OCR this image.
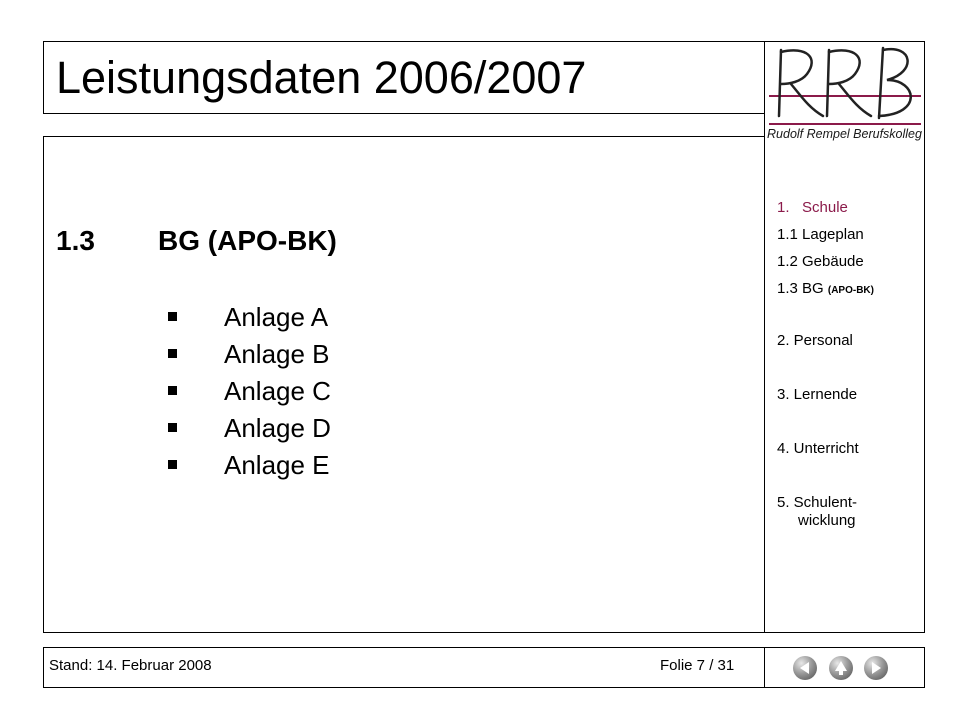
Leistungsdaten 2006/2007
Rudolf Rempel Berufskolleg
1.3 BG (APO-BK)
Anlage A
Anlage B
Anlage C
Anlage D
Anlage E
1. Schule
1.1 Lageplan
1.2 Gebäude
1.3 BG (APO-BK)
2. Personal
3. Lernende
4. Unterricht
5. Schulent-
wicklung
Stand: 14. Februar 2008	Folie 7 / 31
